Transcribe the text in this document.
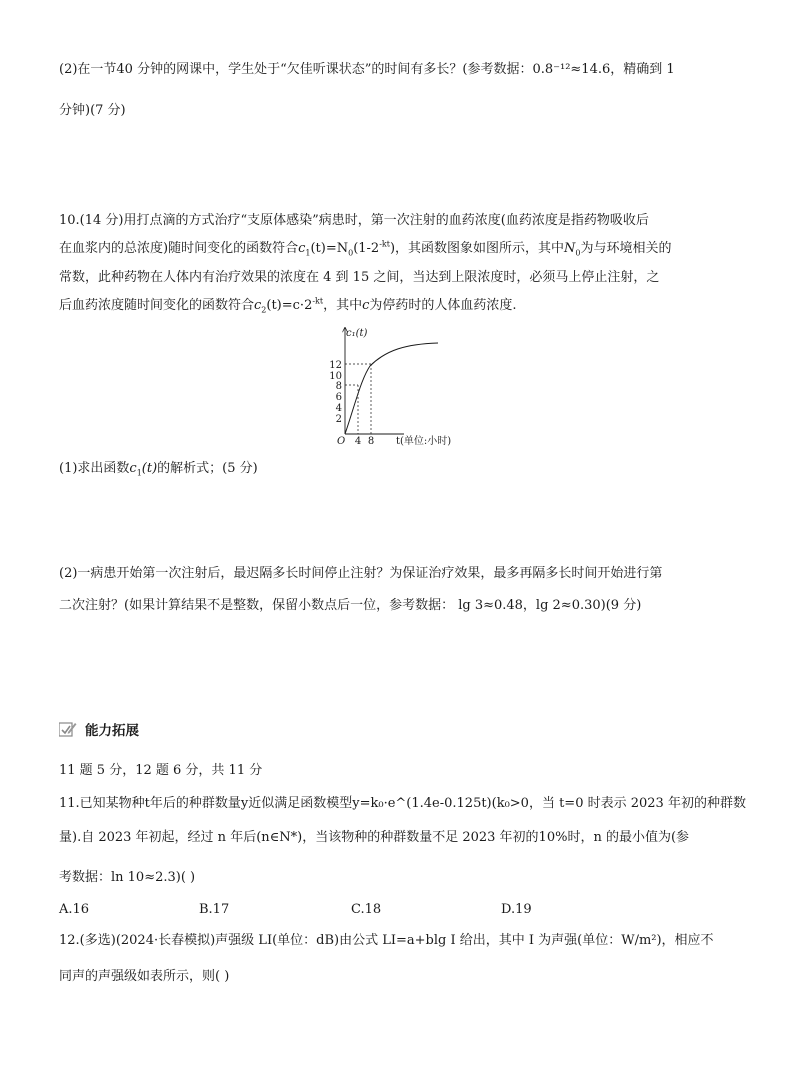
(2)在一节40 分钟的网课中，学生处于“欠佳听课状态”的时间有多长？(参考数据：0.8⁻¹²≈14.6，精确到 1
分钟)(7 分)
10.(14 分)用打点滴的方式治疗“支原体感染”病患时，第一次注射的血药浓度(血药浓度是指药物吸收后
在血浆内的总浓度)随时间变化的函数符合$c_1(t)=N_0(1-2^{-kt})$，其函数图象如图所示，其中$N_0$为与环境相关的
常数，此种药物在人体内有治疗效果的浓度在 4 到 15 之间，当达到上限浓度时，必须马上停止注射，之
后血药浓度随时间变化的函数符合$c_2(t)=c\cdot 2^{-kt}$，其中c为停药时的人体血药浓度.
12
10
8
6
4
2
4 8
O
c₁(t)
t(单位:小时)
(1)求出函数$c_1(t)$的解析式；(5 分)
(2)一病患开始第一次注射后，最迟隔多长时间停止注射？为保证治疗效果，最多再隔多长时间开始进行第
二次注射？(如果计算结果不是整数，保留小数点后一位，参考数据： lg 3≈0.48，lg 2≈0.30)(9 分)
能力拓展
11 题 5 分，12 题 6 分，共 11 分
11.已知某物种t年后的种群数量y近似满足函数模型y=k₀·e^(1.4e-0.125t)(k₀>0，当 t=0 时表示 2023 年初的种群数
量).自 2023 年初起，经过 n 年后(n∈N*)，当该物种的种群数量不足 2023 年初的10%时，n 的最小值为(参
考数据：ln 10≈2.3)( )
A.16	B.17	C.18	D.19
12.(多选)(2024·长春模拟)声强级 LI(单位：dB)由公式 LI=a+blg I 给出，其中 I 为声强(单位：W/m²)，相应不
同声的声强级如表所示，则( )
